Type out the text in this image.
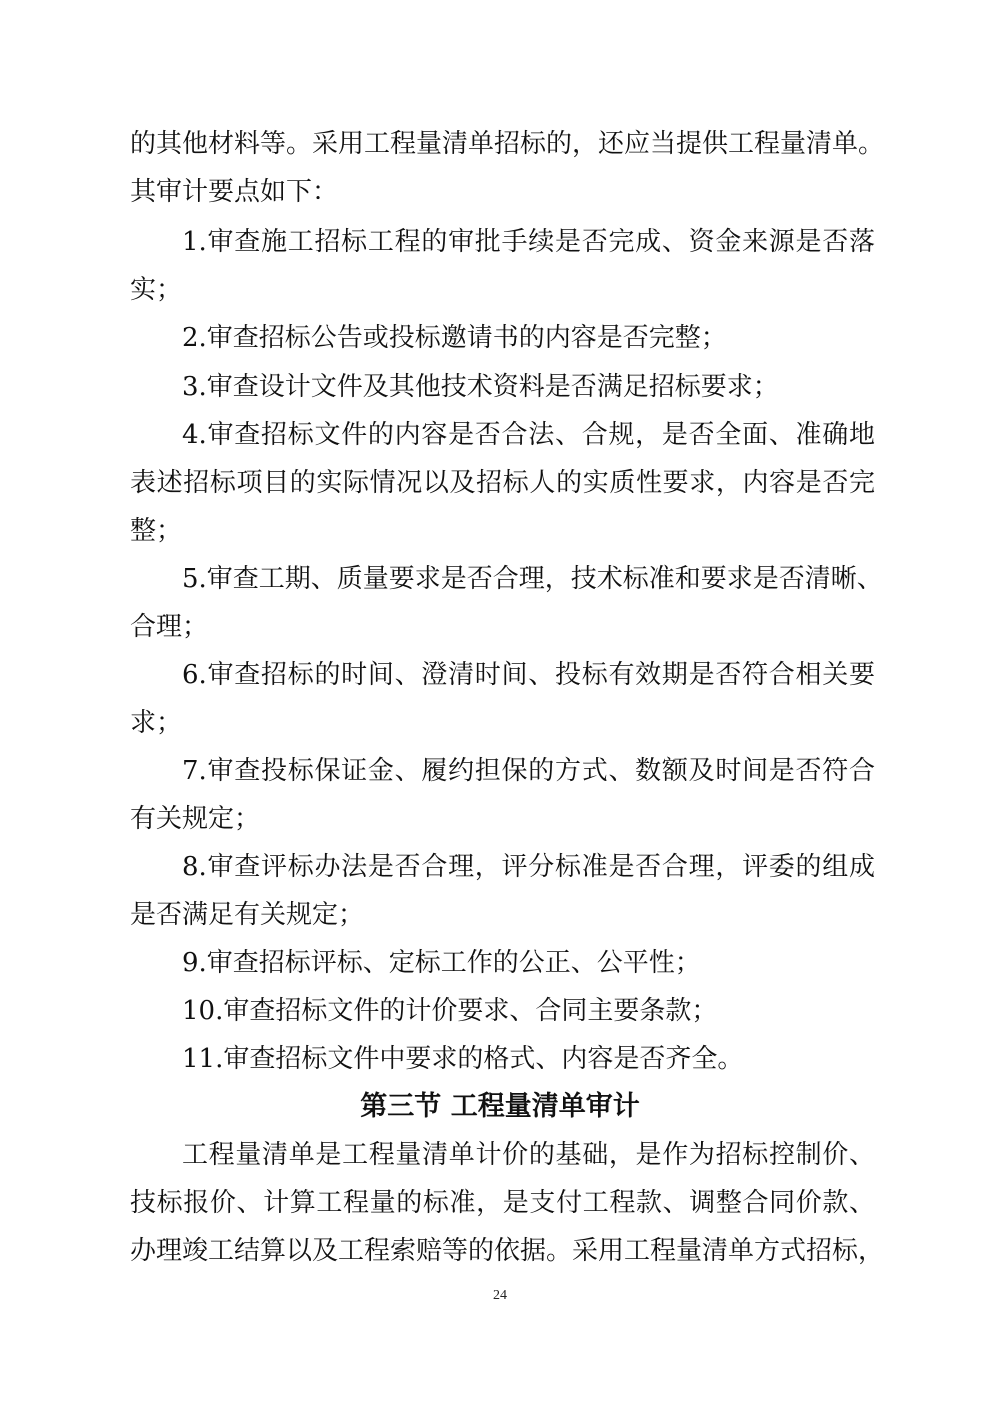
的其他材料等。采用工程量清单招标的，还应当提供工程量清单。
其审计要点如下：
1.审查施工招标工程的审批手续是否完成、资金来源是否落
实；
2.审查招标公告或投标邀请书的内容是否完整；
3.审查设计文件及其他技术资料是否满足招标要求；
4.审查招标文件的内容是否合法、合规，是否全面、准确地
表述招标项目的实际情况以及招标人的实质性要求，内容是否完
整；
5.审查工期、质量要求是否合理，技术标准和要求是否清晰、
合理；
6.审查招标的时间、澄清时间、投标有效期是否符合相关要
求；
7.审查投标保证金、履约担保的方式、数额及时间是否符合
有关规定；
8.审查评标办法是否合理，评分标准是否合理，评委的组成
是否满足有关规定；
9.审查招标评标、定标工作的公正、公平性；
10.审查招标文件的计价要求、合同主要条款；
11.审查招标文件中要求的格式、内容是否齐全。
第三节 工程量清单审计
工程量清单是工程量清单计价的基础，是作为招标控制价、
技标报价、计算工程量的标准，是支付工程款、调整合同价款、
办理竣工结算以及工程索赔等的依据。采用工程量清单方式招标，
24
